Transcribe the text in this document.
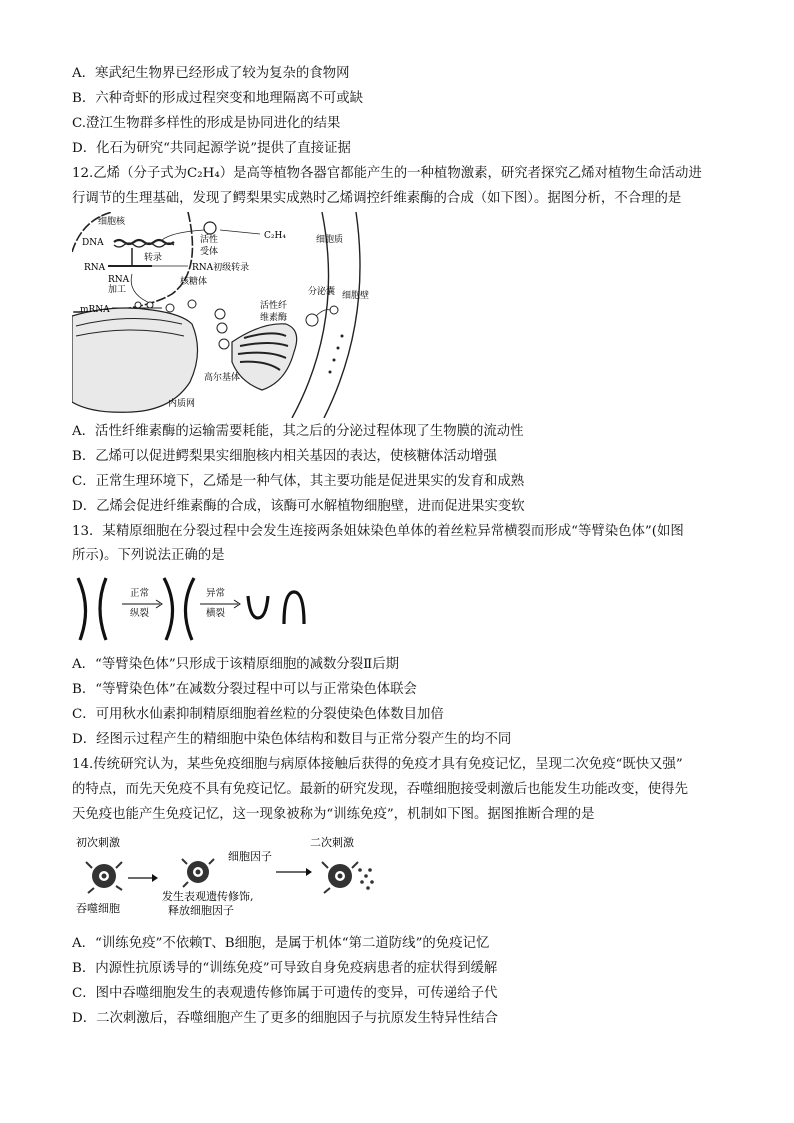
A．寒武纪生物界已经形成了较为复杂的食物网
B．六种奇虾的形成过程突变和地理隔离不可或缺
C.澄江生物群多样性的形成是协同进化的结果
D．化石为研究“共同起源学说”提供了直接证据
12.乙烯（分子式为C₂H₄）是高等植物各器官都能产生的一种植物激素，研究者探究乙烯对植物生命活动进
行调节的生理基础，发现了鳄梨果实成熟时乙烯调控纤维素酶的合成（如下图）。据图分析，不合理的是
细胞核
DNA
转录
RNA	RNA初级转录
RNA
加工
活性
受体
C₂H₄	细胞质
核糖体
mRNA
分泌囊 细胞壁
活性纤
维素酶
高尔基体
内质网
A．活性纤维素酶的运输需要耗能，其之后的分泌过程体现了生物膜的流动性
B．乙烯可以促进鳄梨果实细胞核内相关基因的表达，使核糖体活动增强
C．正常生理环境下，乙烯是一种气体，其主要功能是促进果实的发育和成熟
D．乙烯会促进纤维素酶的合成，该酶可水解植物细胞壁，进而促进果实变软
13．某精原细胞在分裂过程中会发生连接两条姐妹染色单体的着丝粒异常横裂而形成“等臂染色体”(如图
所示)。下列说法正确的是
正常
纵裂
异常
横裂
A．“等臂染色体”只形成于该精原细胞的减数分裂Ⅱ后期
B．“等臂染色体”在减数分裂过程中可以与正常染色体联会
C．可用秋水仙素抑制精原细胞着丝粒的分裂使染色体数目加倍
D．经图示过程产生的精细胞中染色体结构和数目与正常分裂产生的均不同
14.传统研究认为，某些免疫细胞与病原体接触后获得的免疫才具有免疫记忆，呈现二次免疫“既快又强”
的特点，而先天免疫不具有免疫记忆。最新的研究发现，吞噬细胞接受刺激后也能发生功能改变，使得先
天免疫也能产生免疫记忆，这一现象被称为“训练免疫”，机制如下图。据图推断合理的是
初次刺激
吞噬细胞
细胞因子
发生表观遗传修饰,
释放细胞因子
二次刺激
A．“训练免疫”不依赖T、B细胞，是属于机体“第二道防线”的免疫记忆
B．内源性抗原诱导的“训练免疫”可导致自身免疫病患者的症状得到缓解
C．图中吞噬细胞发生的表观遗传修饰属于可遗传的变异，可传递给子代
D．二次刺激后，吞噬细胞产生了更多的细胞因子与抗原发生特异性结合
